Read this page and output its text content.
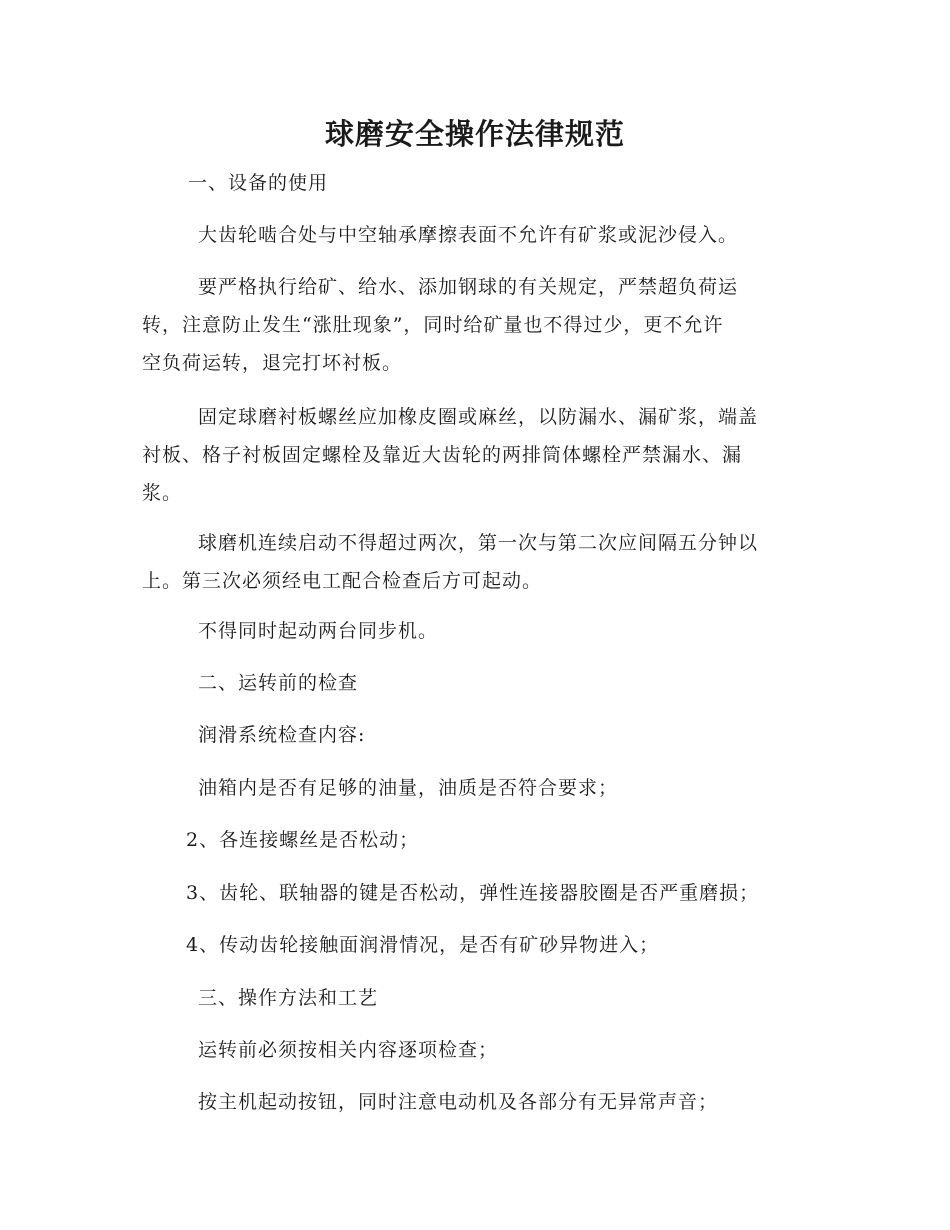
球磨安全操作法律规范
一、设备的使用
大齿轮啮合处与中空轴承摩擦表面不允许有矿浆或泥沙侵入。
要严格执行给矿、给水、添加钢球的有关规定，严禁超负荷运
转，注意防止发生“涨肚现象”，同时给矿量也不得过少，更不允许
空负荷运转，退完打坏衬板。
固定球磨衬板螺丝应加橡皮圈或麻丝，以防漏水、漏矿浆，端盖
衬板、格子衬板固定螺栓及靠近大齿轮的两排筒体螺栓严禁漏水、漏
浆。
球磨机连续启动不得超过两次，第一次与第二次应间隔五分钟以
上。第三次必须经电工配合检查后方可起动。
不得同时起动两台同步机。
二、运转前的检查
润滑系统检查内容:
油箱内是否有足够的油量，油质是否符合要求；
2、各连接螺丝是否松动；
3、齿轮、联轴器的键是否松动，弹性连接器胶圈是否严重磨损；
4、传动齿轮接触面润滑情况，是否有矿砂异物进入；
三、操作方法和工艺
运转前必须按相关内容逐项检查；
按主机起动按钮，同时注意电动机及各部分有无异常声音；
